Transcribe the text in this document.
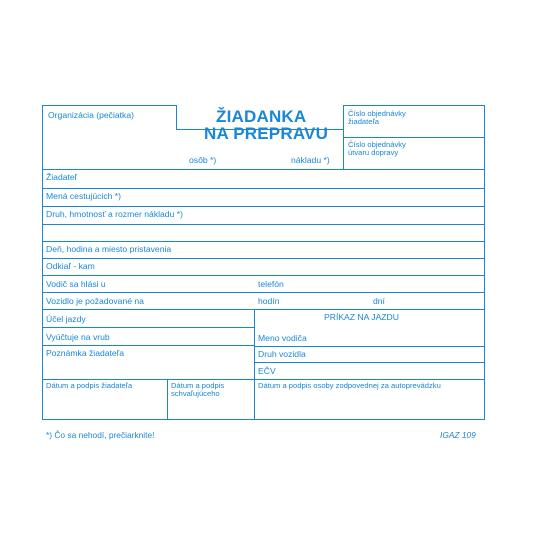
Organizácia (pečiatka)	ŽIADANKA
NA PREPRAVU
osôb *)	nákladu *)
Číslo objednávky žiadateľa
Číslo objednávky útvaru dopravy
Žiadateľ
Mená cestujúcich *)
Druh, hmotnosť a rozmer nákladu *)
Deň, hodina a miesto pristavenia
Odkiaľ - kam
Vodič sa hlási u	telefón
Vozidlo je požadované na	hodín	dní
Účel jazdy
Vyúčtuje na vrub
Poznámka žiadateľa
PRÍKAZ NA JAZDU
Meno vodiča
Druh vozidla
EČV
Dátum a podpis žiadateľa	Dátum a podpis schvaľujúceho
Dátum a podpis osoby zodpovednej za autoprevádzku
*) Čo sa nehodí, prečiarknite!	IGAZ 109
